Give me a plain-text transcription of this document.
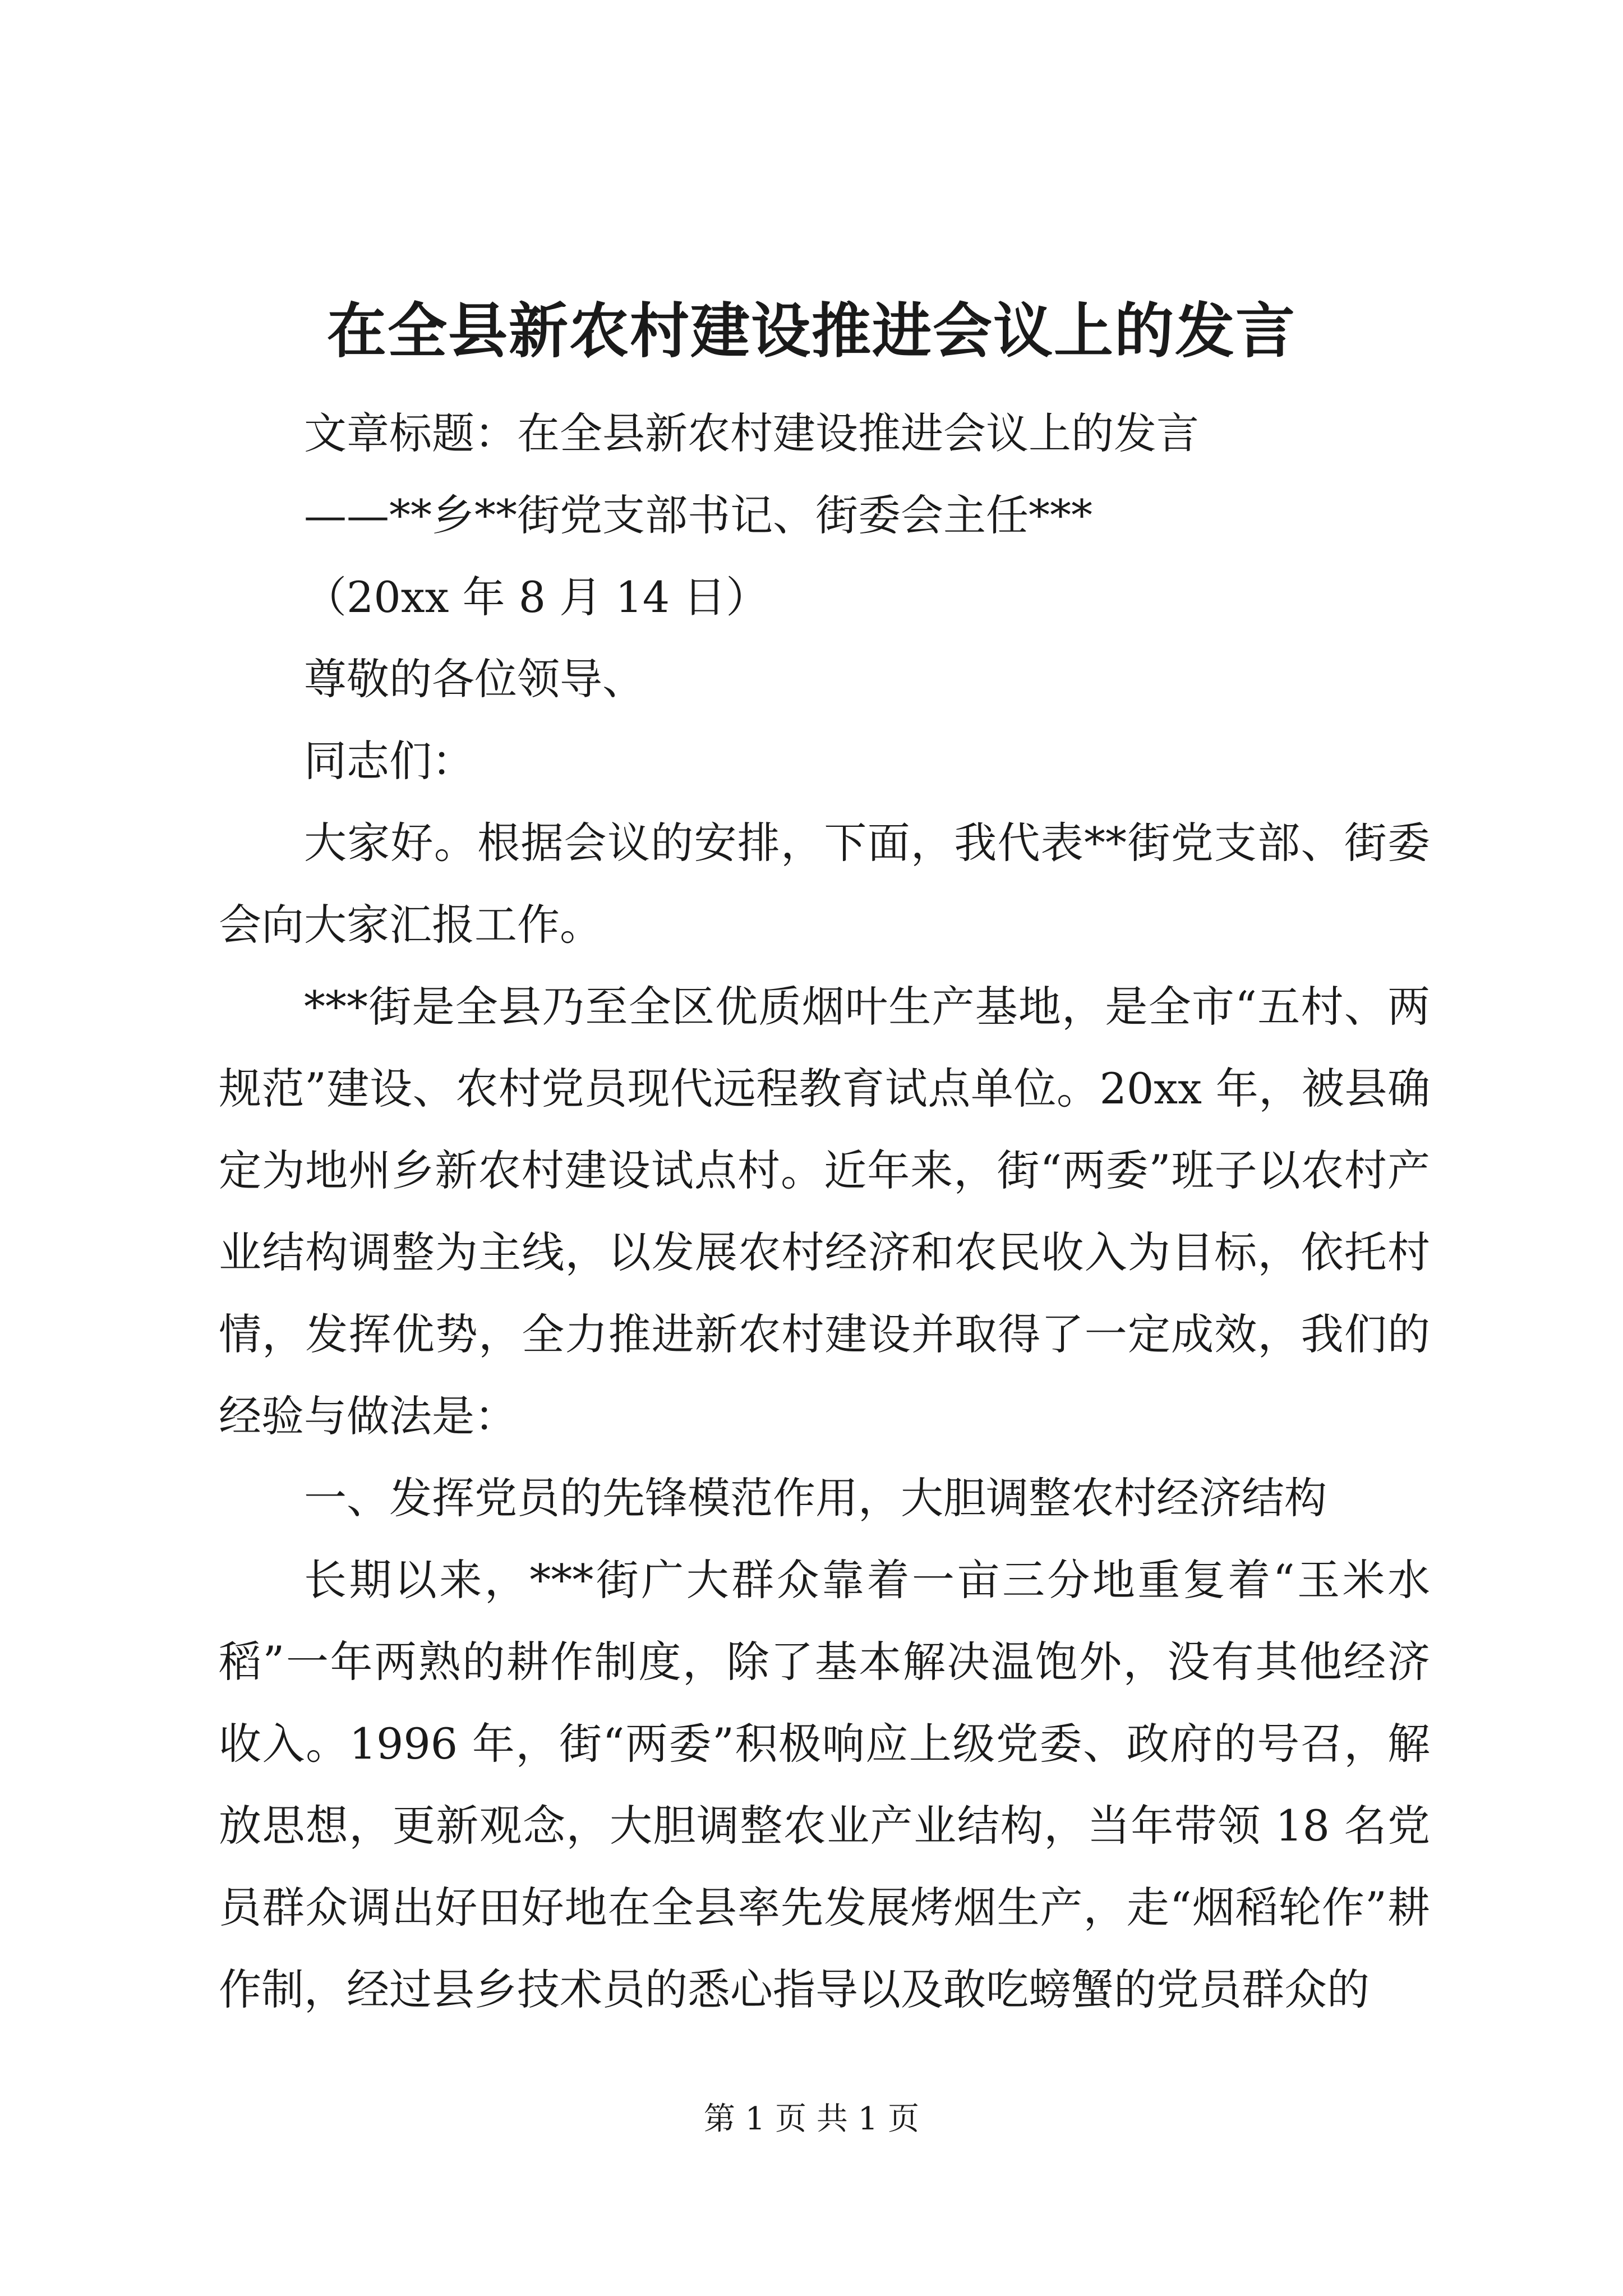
在全县新农村建设推进会议上的发言

文章标题：在全县新农村建设推进会议上的发言

——**乡**街党支部书记、街委会主任***

（20xx 年 8 月 14 日）

尊敬的各位领导、

同志们：

大家好。根据会议的安排，下面，我代表**街党支部、街委会向大家汇报工作。

***街是全县乃至全区优质烟叶生产基地，是全市“五村、两规范”建设、农村党员现代远程教育试点单位。20xx 年，被县确定为地州乡新农村建设试点村。近年来，街“两委”班子以农村产业结构调整为主线，以发展农村经济和农民收入为目标，依托村情，发挥优势，全力推进新农村建设并取得了一定成效，我们的经验与做法是：

一、发挥党员的先锋模范作用，大胆调整农村经济结构

长期以来，***街广大群众靠着一亩三分地重复着“玉米水稻”一年两熟的耕作制度，除了基本解决温饱外，没有其他经济收入。1996 年，街“两委”积极响应上级党委、政府的号召，解放思想，更新观念，大胆调整农业产业结构，当年带领 18 名党员群众调出好田好地在全县率先发展烤烟生产，走“烟稻轮作”耕作制，经过县乡技术员的悉心指导以及敢吃螃蟹的党员群众的

第 1 页 共 1 页
